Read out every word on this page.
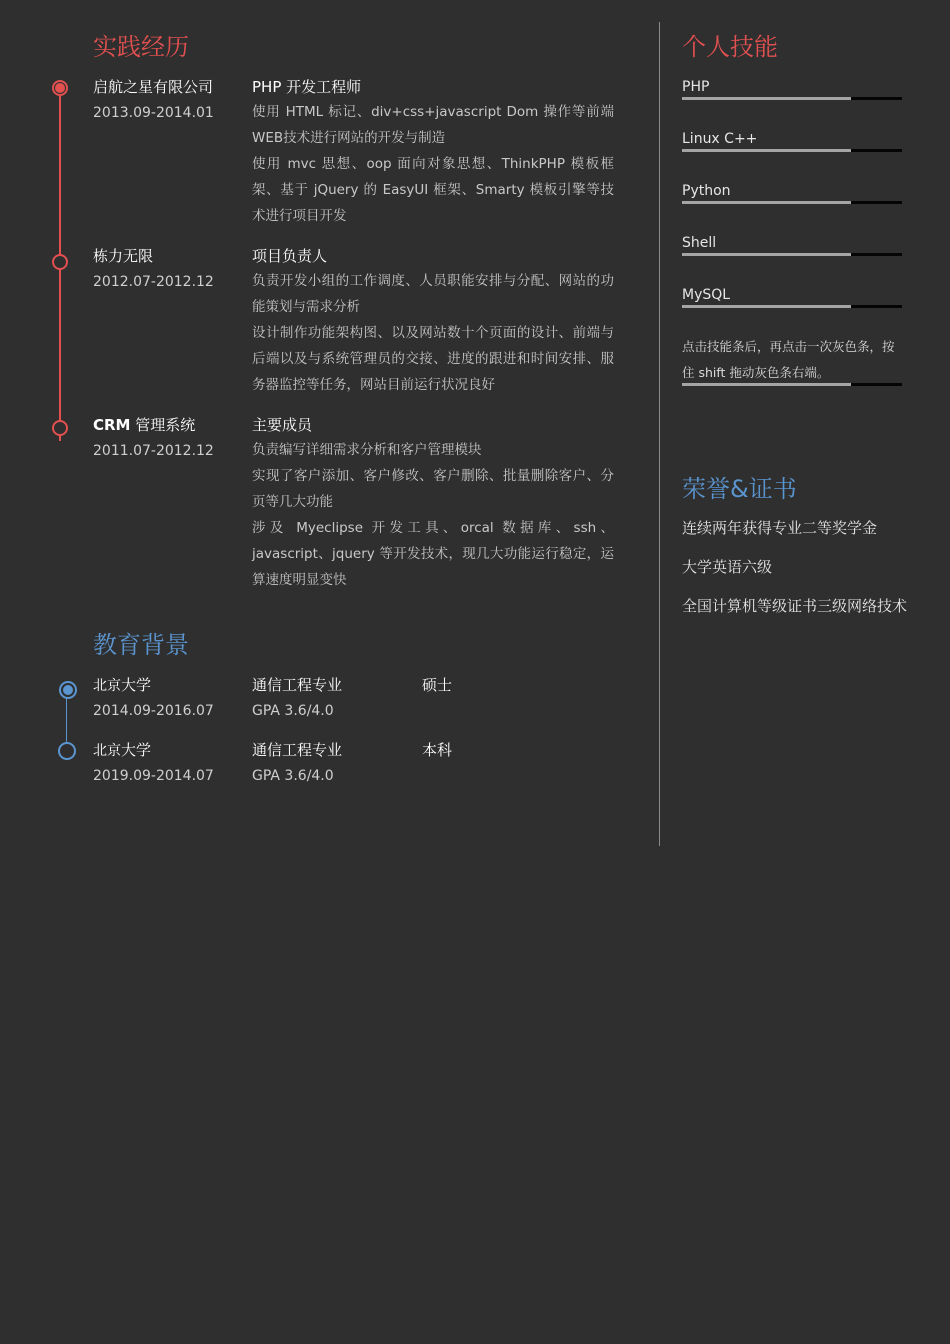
实践经历
启航之星有限公司
2013.09-2014.01
PHP 开发工程师
使用 HTML 标记、div+css+javascript Dom 操作等前端WEB技术进行网站的开发与制造
使用 mvc 思想、oop 面向对象思想、ThinkPHP 模板框架、基于 jQuery 的 EasyUI 框架、Smarty 模板引擎等技术进行项目开发
栋力无限
2012.07-2012.12
项目负责人
负责开发小组的工作调度、人员职能安排与分配、网站的功能策划与需求分析
设计制作功能架构图、以及网站数十个页面的设计、前端与后端以及与系统管理员的交接、进度的跟进和时间安排、服务器监控等任务，网站目前运行状况良好
CRM 管理系统
2011.07-2012.12
主要成员
负责编写详细需求分析和客户管理模块
实现了客户添加、客户修改、客户删除、批量删除客户、分页等几大功能
涉及 Myeclipse 开发工具、orcal 数据库、ssh、javascript、jquery 等开发技术，现几大功能运行稳定，运算速度明显变快
教育背景
北京大学
2014.09-2016.07
通信工程专业
GPA 3.6/4.0
硕士
北京大学
2019.09-2014.07
通信工程专业
GPA 3.6/4.0
本科
个人技能
PHP
Linux C++
Python
Shell
MySQL
点击技能条后，再点击一次灰色条，按住 shift 拖动灰色条右端。
荣誉&证书
连续两年获得专业二等奖学金
大学英语六级
全国计算机等级证书三级网络技术
